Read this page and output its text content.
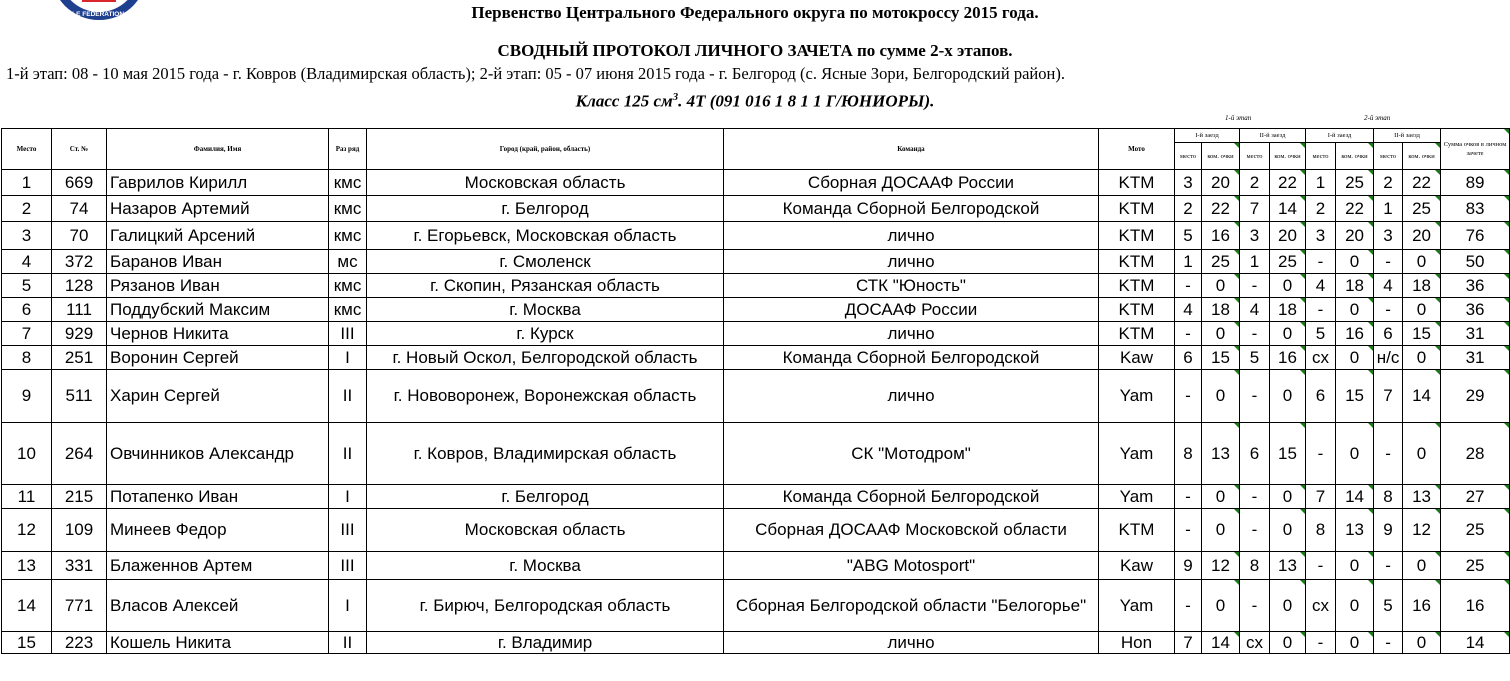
ICYCLE FEDERATION OF R	Первенство Центрального Федерального округа по мотокроссу 2015 года.
СВОДНЫЙ ПРОТОКОЛ ЛИЧНОГО ЗАЧЕТА по сумме 2-х этапов.
1-й этап: 08 - 10 мая 2015 года - г. Ковров (Владимирская область); 2-й этап: 05 - 07 июня 2015 года - г. Белгород (с. Ясные Зори, Белгородский район).
Класс 125 $см^3$. 4Т (091 016 1 8 1 1 Г/ЮНИОРЫ).
1-й этап	2-й этап
Место	Ст. №	Фамилия, Имя	Раз ряд	Город (край, район, область)	Команда	Мото	I-й заезд		II-й заезд		I-й заезд		II-й заезд		Сумма очков в личном зачете
							место	ком. очки	место	ком. очки	место	ком. очки	место	ком. очки	
1	669	Гаврилов Кирилл	кмс	Московская область	Сборная ДОСААФ России	KTM	3	20	2	22	1	25	2	22	89
2	74	Назаров Артемий	кмс	г. Белгород	Команда Сборной Белгородской	KTM	2	22	7	14	2	22	1	25	83
3	70	Галицкий Арсений	кмс	г. Егорьевск, Московская область	лично	KTM	5	16	3	20	3	20	3	20	76
4	372	Баранов Иван	мс	г. Смоленск	лично	KTM	1	25	1	25	-	0	-	0	50
5	128	Рязанов Иван	кмс	г. Скопин, Рязанская область	СТК "Юность"	KTM	-	0	-	0	4	18	4	18	36
6	111	Поддубский Максим	кмс	г. Москва	ДОСААФ России	KTM	4	18	4	18	-	0	-	0	36
7	929	Чернов Никита	III	г. Курск	лично	KTM	-	0	-	0	5	16	6	15	31
8	251	Воронин Сергей	I	г. Новый Оскол, Белгородской область	Команда Сборной Белгородской	Kaw	6	15	5	16	сх	0	н/с	0	31
9	511	Харин Сергей	II	г. Нововоронеж, Воронежская область	лично	Yam	-	0	-	0	6	15	7	14	29
10	264	Овчинников Александр	II	г. Ковров, Владимирская область	СК "Мотодром"	Yam	8	13	6	15	-	0	-	0	28
11	215	Потапенко Иван	I	г. Белгород	Команда Сборной Белгородской	Yam	-	0	-	0	7	14	8	13	27
12	109	Минеев Федор	III	Московская область	Сборная ДОСААФ Московской области	KTM	-	0	-	0	8	13	9	12	25
13	331	Блаженнов Артем	III	г. Москва	"ABG Motosport"	Kaw	9	12	8	13	-	0	-	0	25
14	771	Власов Алексей	I	г. Бирюч, Белгородская область	Сборная Белгородской области "Белогорье"	Yam	-	0	-	0	сх	0	5	16	16
15	223	Кошель Никита	II	г. Владимир	лично	Hon	7	14	сх	0	-	0	-	0	14
